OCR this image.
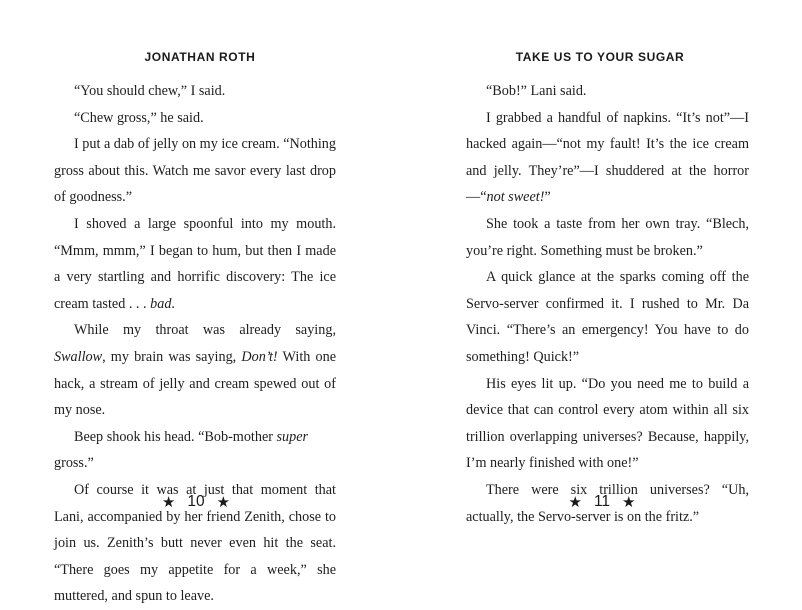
JONATHAN ROTH

“You should chew,” I said.

“Chew gross,” he said.

I put a dab of jelly on my ice cream. “Nothing gross about this. Watch me savor every last drop of goodness.”

I shoved a large spoonful into my mouth. “Mmm, mmm,” I began to hum, but then I made a very startling and horrific discovery: The ice cream tasted . . . bad.

While my throat was already saying, Swallow, my brain was saying, Don’t! With one hack, a stream of jelly and cream spewed out of my nose.

Beep shook his head. “Bob-mother super gross.”

Of course it was at just that moment that Lani, accompanied by her friend Zenith, chose to join us. Zenith’s butt never even hit the seat. “There goes my appetite for a week,” she muttered, and spun to leave.

★ 10 ★
TAKE US TO YOUR SUGAR

“Bob!” Lani said.

I grabbed a handful of napkins. “It’s not”—I hacked again—“not my fault! It’s the ice cream and jelly. They’re”—I shuddered at the horror—“not sweet!”

She took a taste from her own tray. “Blech, you’re right. Something must be broken.”

A quick glance at the sparks coming off the Servo-server confirmed it. I rushed to Mr. Da Vinci. “There’s an emergency! You have to do something! Quick!”

His eyes lit up. “Do you need me to build a device that can control every atom within all six trillion overlapping universes? Because, happily, I’m nearly finished with one!”

There were six trillion universes? “Uh, actually, the Servo-server is on the fritz.”

★ 11 ★
